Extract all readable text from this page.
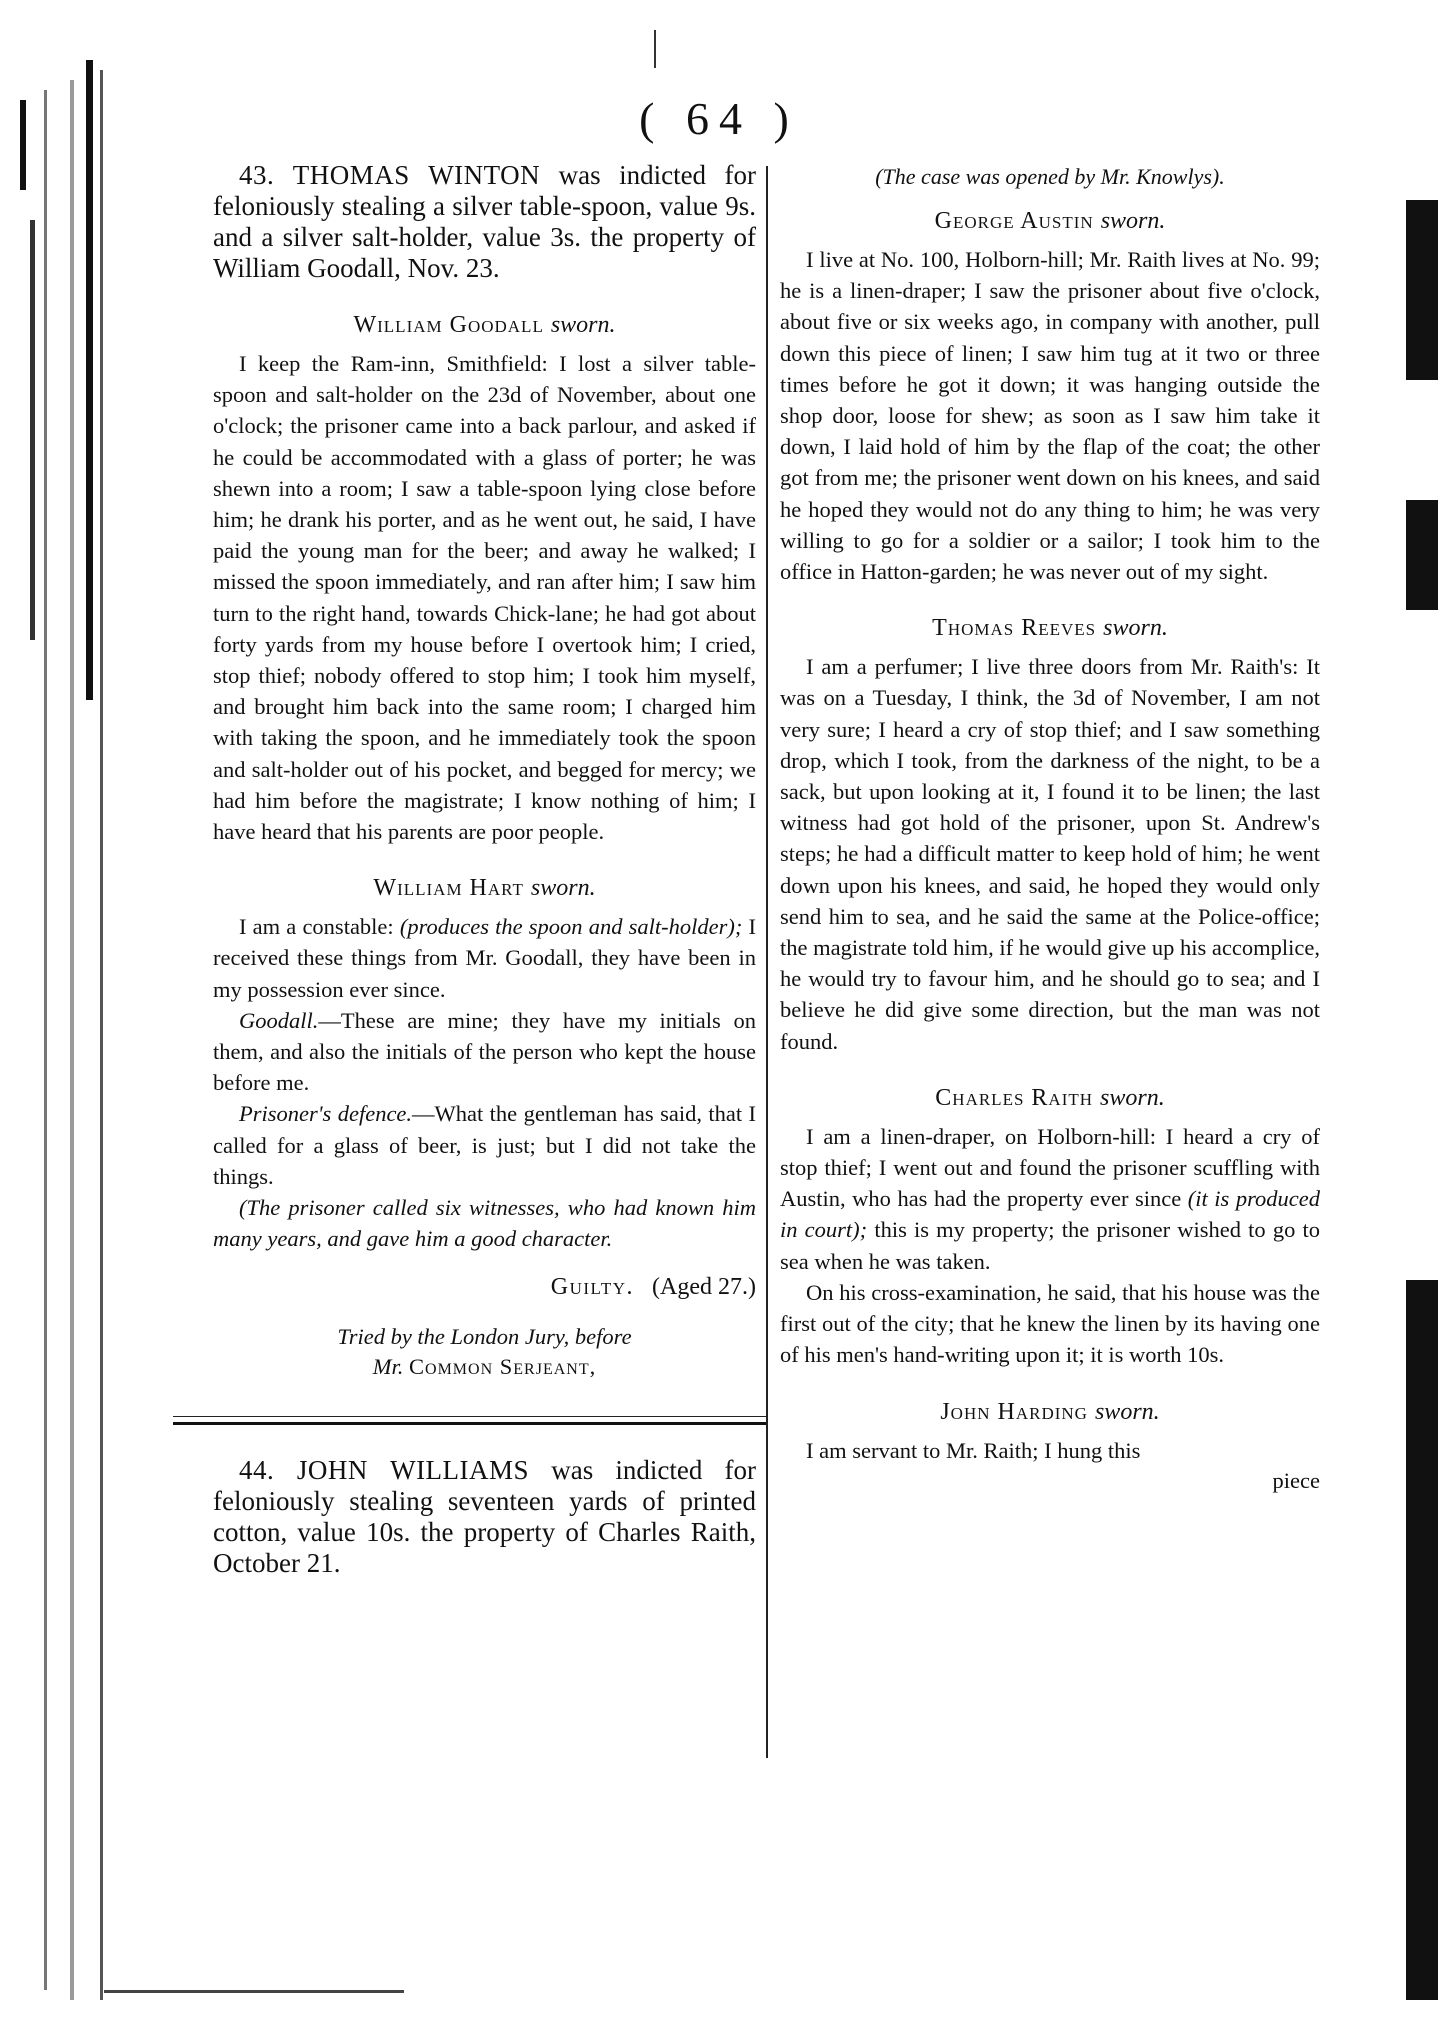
( 64 )

43. THOMAS WINTON was indicted for feloniously stealing a silver table-spoon, value 9s. and a silver salt-holder, value 3s. the property of William Goodall, Nov. 23.

William Goodall sworn.

I keep the Ram-inn, Smithfield: I lost a silver table-spoon and salt-holder on the 23d of November, about one o'clock; the prisoner came into a back parlour, and asked if he could be accommodated with a glass of porter; he was shewn into a room; I saw a table-spoon lying close before him; he drank his porter, and as he went out, he said, I have paid the young man for the beer; and away he walked; I missed the spoon immediately, and ran after him; I saw him turn to the right hand, towards Chick-lane; he had got about forty yards from my house before I overtook him; I cried, stop thief; nobody offered to stop him; I took him myself, and brought him back into the same room; I charged him with taking the spoon, and he immediately took the spoon and salt-holder out of his pocket, and begged for mercy; we had him before the magistrate; I know nothing of him; I have heard that his parents are poor people.

William Hart sworn.

I am a constable: (produces the spoon and salt-holder); I received these things from Mr. Goodall, they have been in my possession ever since.

Goodall.—These are mine; they have my initials on them, and also the initials of the person who kept the house before me.

Prisoner's defence.—What the gentleman has said, that I called for a glass of beer, is just; but I did not take the things.

(The prisoner called six witnesses, who had known him many years, and gave him a good character.

Guilty. (Aged 27.)
Tried by the London Jury, before
Mr. Common Serjeant,

44. JOHN WILLIAMS was indicted for feloniously stealing seventeen yards of printed cotton, value 10s. the property of Charles Raith, October 21.

(The case was opened by Mr. Knowlys).
George Austin sworn.

I live at No. 100, Holborn-hill; Mr. Raith lives at No. 99; he is a linen-draper; I saw the prisoner about five o'clock, about five or six weeks ago, in company with another, pull down this piece of linen; I saw him tug at it two or three times before he got it down; it was hanging outside the shop door, loose for shew; as soon as I saw him take it down, I laid hold of him by the flap of the coat; the other got from me; the prisoner went down on his knees, and said he hoped they would not do any thing to him; he was very willing to go for a soldier or a sailor; I took him to the office in Hatton-garden; he was never out of my sight.

Thomas Reeves sworn.

I am a perfumer; I live three doors from Mr. Raith's: It was on a Tuesday, I think, the 3d of November, I am not very sure; I heard a cry of stop thief; and I saw something drop, which I took, from the darkness of the night, to be a sack, but upon looking at it, I found it to be linen; the last witness had got hold of the prisoner, upon St. Andrew's steps; he had a difficult matter to keep hold of him; he went down upon his knees, and said, he hoped they would only send him to sea, and he said the same at the Police-office; the magistrate told him, if he would give up his accomplice, he would try to favour him, and he should go to sea; and I believe he did give some direction, but the man was not found.

Charles Raith sworn.

I am a linen-draper, on Holborn-hill: I heard a cry of stop thief; I went out and found the prisoner scuffling with Austin, who has had the property ever since (it is produced in court); this is my property; the prisoner wished to go to sea when he was taken.

On his cross-examination, he said, that his house was the first out of the city; that he knew the linen by its having one of his men's hand-writing upon it; it is worth 10s.

John Harding sworn.

I am servant to Mr. Raith; I hung this

piece
